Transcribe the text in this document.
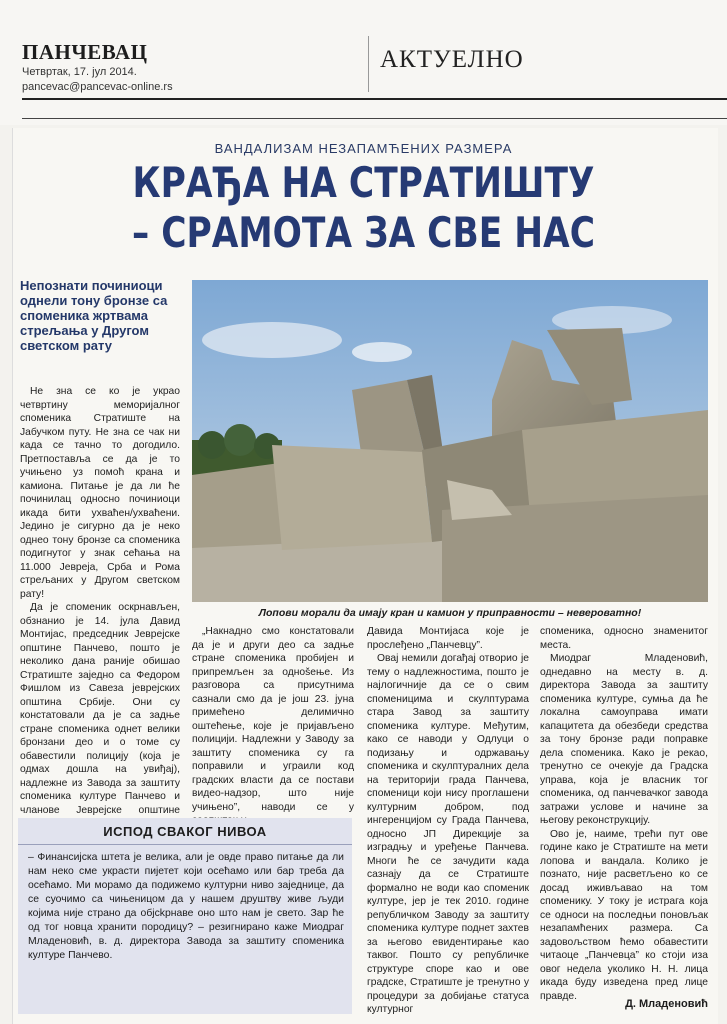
ПАНЧЕВАЦ
Четвртак, 17. јул 2014.
pancevac@pancevac-online.rs
АКТУЕЛНО
ВАНДАЛИЗАМ НЕЗАПАМЋЕНИХ РАЗМЕРА
КРАЂА НА СТРАТИШТУ
– СРАМОТА ЗА СВЕ НАС
Непознати починиоци однели тону бронзе са споменика жртвама стрељања у Другом светском рату
Лопови морали да имају кран и камион у приправности – невероватно!

Не зна се ко је украо четвртину меморијалног споменика Стратиште на Јабучком путу. Не зна се чак ни када се тачно то догодило. Претпоставља се да је то учињено уз помоћ крана и камиона. Питање је да ли ће починилац односно починиоци икада бити ухваћен/ухваћени. Једино је сигурно да је неко однео тону бронзе са споменика подигнутог у знак сећања на 11.000 Јевреја, Срба и Рома стрељаних у Другом светском рату!

Да је споменик оскрнављен, обзнанио је 14. јула Давид Монтијас, председник Јеврејске општине Панчево, пошто је неколико дана раније обишао Стратиште заједно са Федором Фишлом из Савеза јеврејских општина Србије. Они су констатовали да је са задње стране споменика однет велики бронзани део и о томе су обавестили полицију (која је одмах дошла на увиђај), надлежне из Завода за заштиту споменика културе Панчево и чланове Јеврејске општине

„Накнадно смо констатовали да је и други део са задње стране споменика пробијен и припремљен за однošење. Из разговора са присутнима сазнали смо да је још 23. јуна примећено делимично оштећење, које је пријављено полицији. Надлежни у Заводу за заштиту споменика су га поправили и угрaили код градских власти да се постави видео-надзор, што није учињено”, наводи се у

Давида Монтијаса које је прослеђено „Панчевцу”.

Овај немили догађај отворио је тему о надлежностима, пошто је најлогичније да се о свим споменицима и скулптурама стара Завод за заштиту споменика културе. Међутим, како се наводи у Одлуци о подизању и одржавању споменика и скулптуралних дела на територији града Панчева, споменици који нису проглашени културним добром, под ингеренцијом су Града Панчева, односно ЈП Дирекције за изградњу и уређење Панчева. Многи ће се зачудити када сазнају да се Стратиште формално не води као споменик културе, јер је тек 2010. године републичком Заводу за заштиту споменика културе поднет захтев за његово евидентирање као таквог. Пошто су републичке структуре споре као и ове градске, Стратиште је тренутно у процедури за добијање статуса културног

споменика, односно знаменитог места.

Миодраг Младеновић, однедавно на месту в. д. директора Завода за заштиту споменика културе, сумња да ће локална самоуправа имати капацитета да обезбеди средства за тону бронзе ради поправке дела споменика. Како је рекао, тренутно се очекује да Градска управа, која је власник тог споменика, од панчевачког завода затражи услове и начине за његову реконструкцију.

Ово је, наиме, трећи пут ове године како је Стратиште на мети лопова и вандала. Колико је познато, није расветљено ко се досад иживљавао на том споменику. У току је истрага која се односи на последњи поновљак незапамћених размера. Са задовољством ћемо обавестити читаоце „Панчевца” ко стоји иза овог недела уколико Н. Н. лица икада буду изведена пред лице правде.

ИСПОД СВАКОГ НИВОА
– Финансијска штета је велика, али је овде право питање да ли нам неко сме украсти пијетет који осећамо или бар треба да осећамо. Ми морамо да подижемо културни ниво заједнице, да се суочимо са чињеницом да у нашем друштву живе људи којима није страно да објсkрнаве оно што нам је свето. Зар ће од тог новца хранити породицу? – резигнирано каже Миодраг Младеновић, в. д. директора Завода за заштиту споменика културе Панчево.
Д. Младеновић
